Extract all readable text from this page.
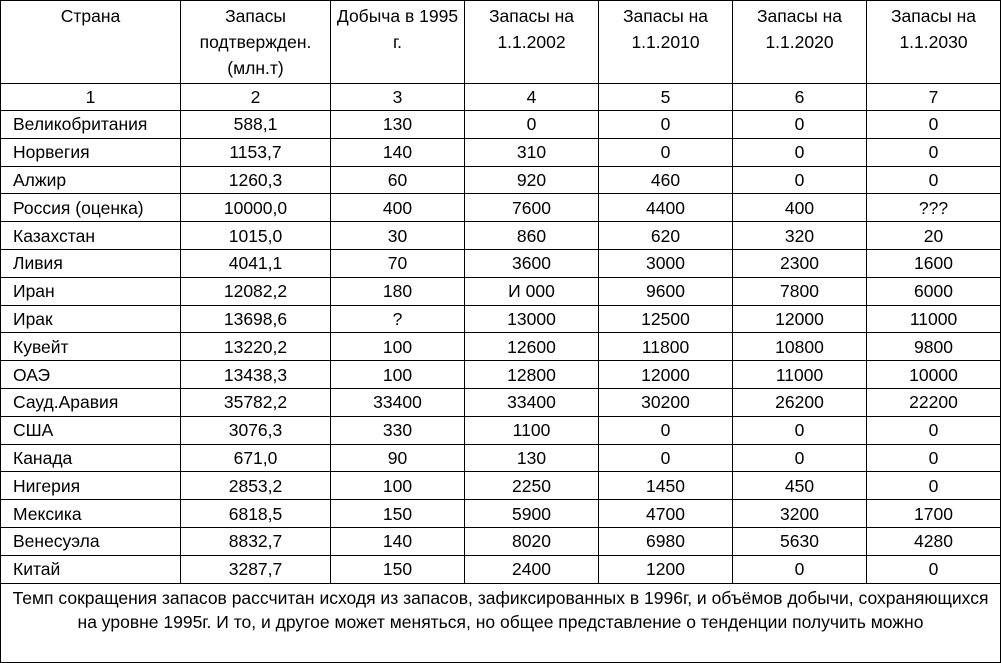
Страна	Запасы подтвержден. (млн.т)	Добыча в 1995 г.	Запасы на 1.1.2002	Запасы на 1.1.2010	Запасы на 1.1.2020	Запасы на 1.1.2030
1	2	3	4	5	6	7
Великобритания	588,1	130	0	0	0	0
Норвегия	1153,7	140	310	0	0	0
Алжир	1260,3	60	920	460	0	0
Россия (оценка)	10000,0	400	7600	4400	400	???
Казахстан	1015,0	30	860	620	320	20
Ливия	4041,1	70	3600	3000	2300	1600
Иран	12082,2	180	И 000	9600	7800	6000
Ирак	13698,6	?	13000	12500	12000	11000
Кувейт	13220,2	100	12600	11800	10800	9800
ОАЭ	13438,3	100	12800	12000	11000	10000
Сауд.Аравия	35782,2	33400	33400	30200	26200	22200
США	3076,3	330	1100	0	0	0
Канада	671,0	90	130	0	0	0
Нигерия	2853,2	100	2250	1450	450	0
Мексика	6818,5	150	5900	4700	3200	1700
Венесуэла	8832,7	140	8020	6980	5630	4280
Китай	3287,7	150	2400	1200	0	0
Темп сокращения запасов рассчитан исходя из запасов, зафиксированных в 1996г, и объёмов добычи, сохраняющихся на уровне 1995г. И то, и другое может меняться, но общее представление о тенденции получить можно						
